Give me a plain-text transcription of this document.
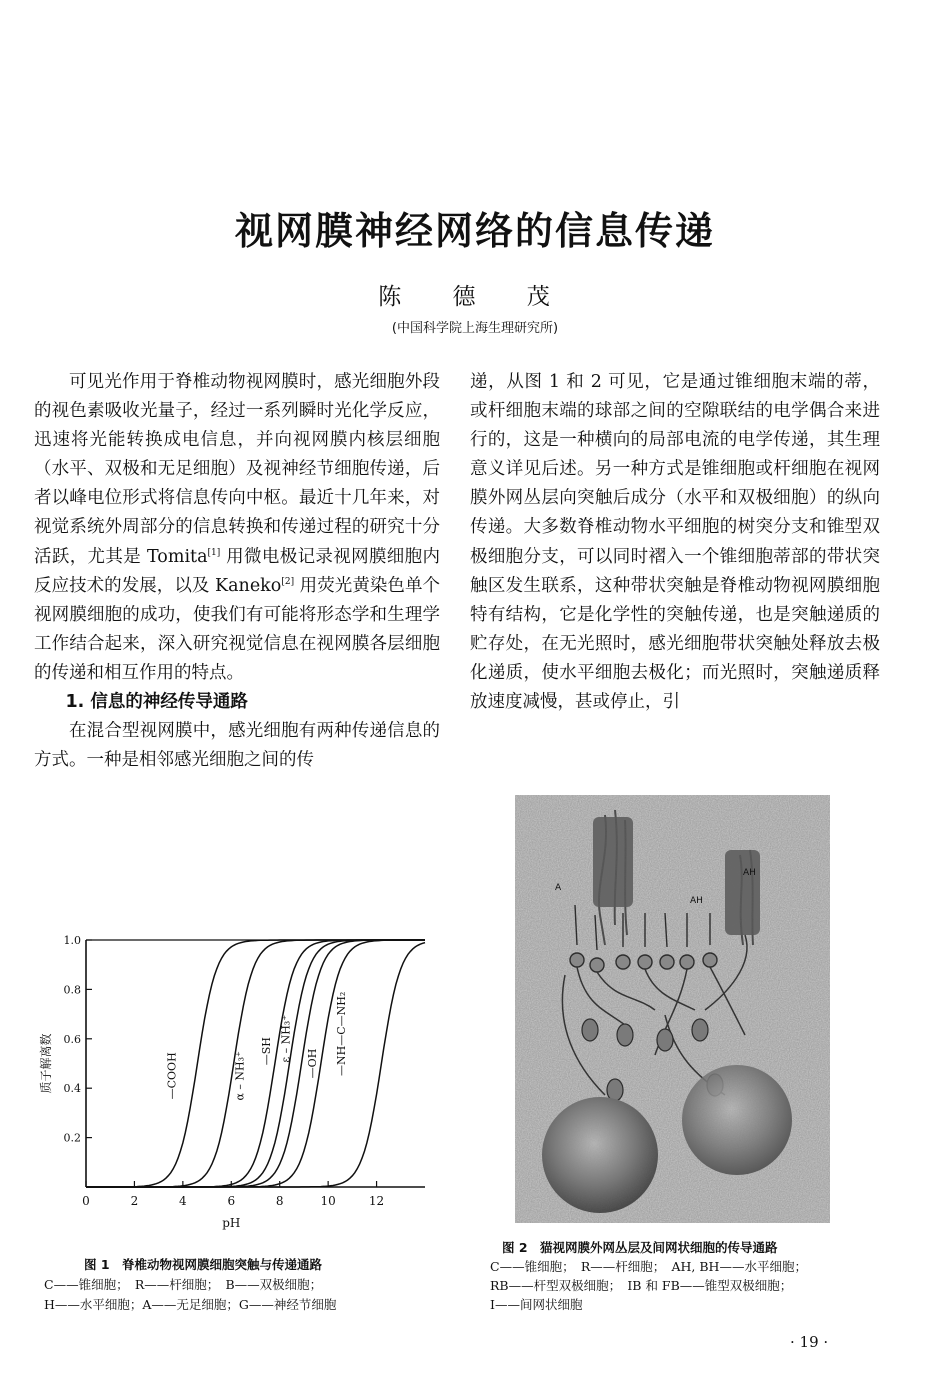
视网膜神经网络的信息传递
陈 德 茂
(中国科学院上海生理研究所)

可见光作用于脊椎动物视网膜时，感光细胞外段的视色素吸收光量子，经过一系列瞬时光化学反应，迅速将光能转换成电信息，并向视网膜内核层细胞（水平、双极和无足细胞）及视神经节细胞传递，后者以峰电位形式将信息传向中枢。最近十几年来，对视觉系统外周部分的信息转换和传递过程的研究十分活跃，尤其是 Tomita[1] 用微电极记录视网膜细胞内反应技术的发展，以及 Kaneko[2] 用荧光黄染色单个视网膜细胞的成功，使我们有可能将形态学和生理学工作结合起来，深入研究视觉信息在视网膜各层细胞的传递和相互作用的特点。

1. 信息的神经传导通路

在混合型视网膜中，感光细胞有两种传递信息的方式。一种是相邻感光细胞之间的传

递，从图 1 和 2 可见，它是通过锥细胞末端的蒂，或杆细胞末端的球部之间的空隙联结的电学偶合来进行的，这是一种横向的局部电流的电学传递，其生理意义详见后述。另一种方式是锥细胞或杆细胞在视网膜外网丛层向突触后成分（水平和双极细胞）的纵向传递。大多数脊椎动物水平细胞的树突分支和锥型双极细胞分支，可以同时褶入一个锥细胞蒂部的带状突触区发生联系，这种带状突触是脊椎动物视网膜细胞特有结构，它是化学性的突触传递，也是突触递质的贮存处，在无光照时，感光细胞带状突触处释放去极化递质，使水平细胞去极化；而光照时，突触递质释放速度减慢，甚或停止，引

0	2	4	6	8	10	12
0.2
0.4
0.6
0.8
1.0
pH
质子解离数	—COOH	α – NH₃⁺
—SH ε – NH₃⁺
—OH —NH—C—NH₂
A
AH
AH
图 1　脊椎动物视网膜细胞突触与传递通路
C——锥细胞；　R——杆细胞；　B——双极细胞；
H——水平细胞；A——无足细胞；G——神经节细胞
图 2　猫视网膜外网丛层及间网状细胞的传导通路
C——锥细胞；　R——杆细胞；　AH, BH——水平细胞；
RB——杆型双极细胞；　IB 和 FB——锥型双极细胞；
I——间网状细胞
· 19 ·
